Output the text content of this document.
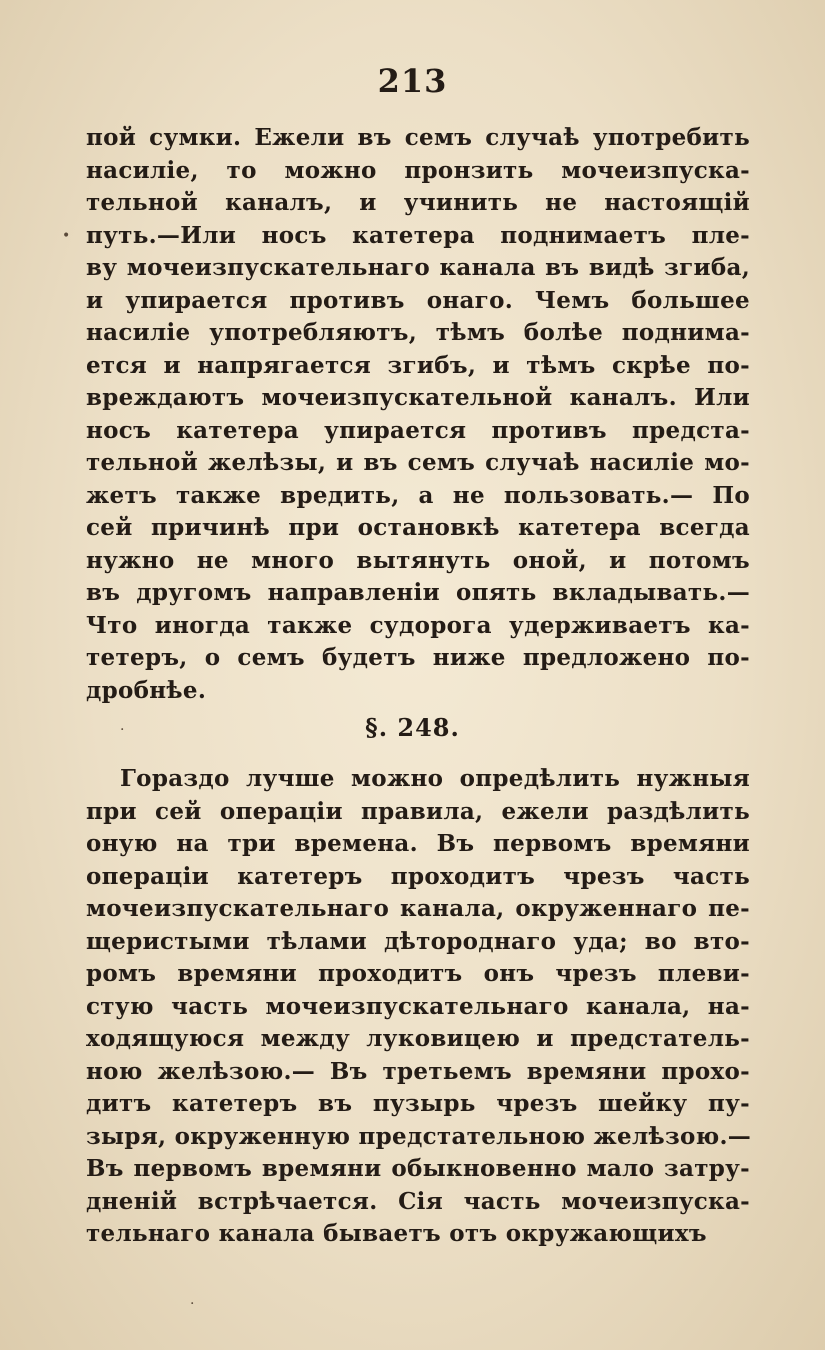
213
пой сумки. Ежели въ семъ случаѣ употребить
насиліе, то можно пронзить мочеизпуска-
тельной каналъ, и учинить не настоящій
путь.—Или носъ катетера поднимаетъ пле-
ву мочеизпускательнаго канала въ видѣ згиба,
и упирается противъ онаго. Чемъ большее
насиліе употребляютъ, тѣмъ болѣе поднима-
ется и напрягается згибъ, и тѣмъ скрѣе по-
вреждаютъ мочеизпускательной каналъ. Или
носъ катетера упирается противъ предста-
тельной желѣзы, и въ семъ случаѣ насиліе мо-
жетъ также вредить, а не пользовать.— По
сей причинѣ при остановкѣ катетера всегда
нужно не много вытянуть оной, и потомъ
въ другомъ направленіи опять вкладывать.—
Что иногда также судорога удерживаетъ ка-
тетеръ, о семъ будетъ ниже предложено по-
дробнѣе.
§. 248.
Гораздо лучше можно опредѣлить нужныя
при сей операціи правила, ежели раздѣлить
оную на три времена. Въ первомъ времяни
операціи катетеръ проходитъ чрезъ часть
мочеизпускательнаго канала, окруженнаго пе-
щеристыми тѣлами дѣтороднаго уда; во вто-
ромъ времяни проходитъ онъ чрезъ плеви-
стую часть мочеизпускательнаго канала, на-
ходящуюся между луковицею и предстатель-
ною желѣзою.— Въ третьемъ времяни прохо-
дитъ катетеръ въ пузырь чрезъ шейку пу-
зыря, окруженную предстательною желѣзою.—
Въ первомъ времяни обыкновенно мало затру-
дненій встрѣчается. Сія часть мочеизпуска-
тельнаго канала бываетъ отъ окружающихъ
•
·
·
